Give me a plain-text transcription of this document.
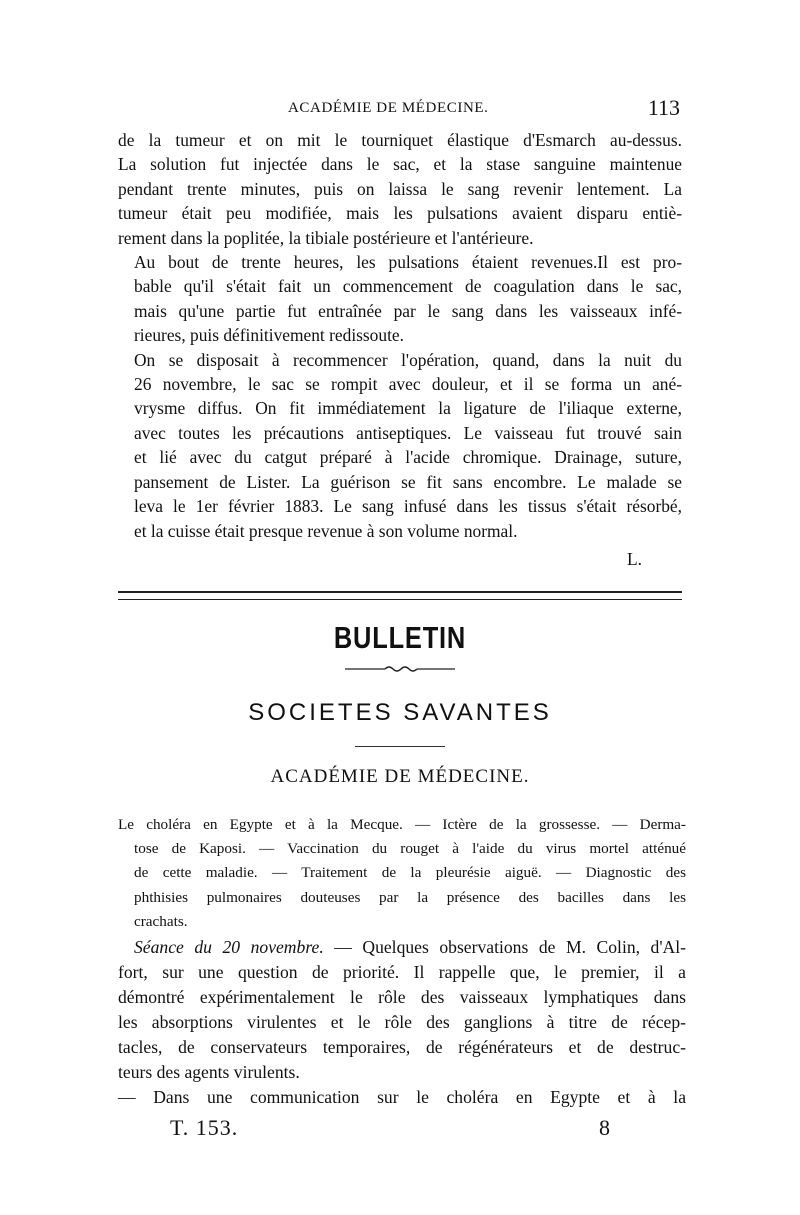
ACADÉMIE DE MÉDECINE.	113

de la tumeur et on mit le tourniquet élastique d'Esmarch au-dessus.
La solution fut injectée dans le sac, et la stase sanguine maintenue
pendant trente minutes, puis on laissa le sang revenir lentement. La
tumeur était peu modifiée, mais les pulsations avaient disparu entiè-
rement dans la poplitée, la tibiale postérieure et l'antérieure.

Au bout de trente heures, les pulsations étaient revenues.Il est pro-
bable qu'il s'était fait un commencement de coagulation dans le sac,
mais qu'une partie fut entraînée par le sang dans les vaisseaux infé-
rieures, puis définitivement redissoute.

On se disposait à recommencer l'opération, quand, dans la nuit du
26 novembre, le sac se rompit avec douleur, et il se forma un ané-
vrysme diffus. On fit immédiatement la ligature de l'iliaque externe,
avec toutes les précautions antiseptiques. Le vaisseau fut trouvé sain
et lié avec du catgut préparé à l'acide chromique. Drainage, suture,
pansement de Lister. La guérison se fit sans encombre. Le malade se
leva le 1er février 1883. Le sang infusé dans les tissus s'était résorbé,
et la cuisse était presque revenue à son volume normal.

L.
BULLETIN
SOCIETES SAVANTES
ACADÉMIE DE MÉDECINE.
Le choléra en Egypte et à la Mecque. — Ictère de la grossesse. — Derma-
tose de Kaposi. — Vaccination du rouget à l'aide du virus mortel atténué
de cette maladie. — Traitement de la pleurésie aiguë. — Diagnostic des
phthisies pulmonaires douteuses par la présence des bacilles dans les
crachats.
Séance du 20 novembre. — Quelques observations de M. Colin, d'Al-
fort, sur une question de priorité. Il rappelle que, le premier, il a
démontré expérimentalement le rôle des vaisseaux lymphatiques dans
les absorptions virulentes et le rôle des ganglions à titre de récep-
tacles, de conservateurs temporaires, de régénérateurs et de destruc-
teurs des agents virulents.
— Dans une communication sur le choléra en Egypte et à la
T. 153.	8
